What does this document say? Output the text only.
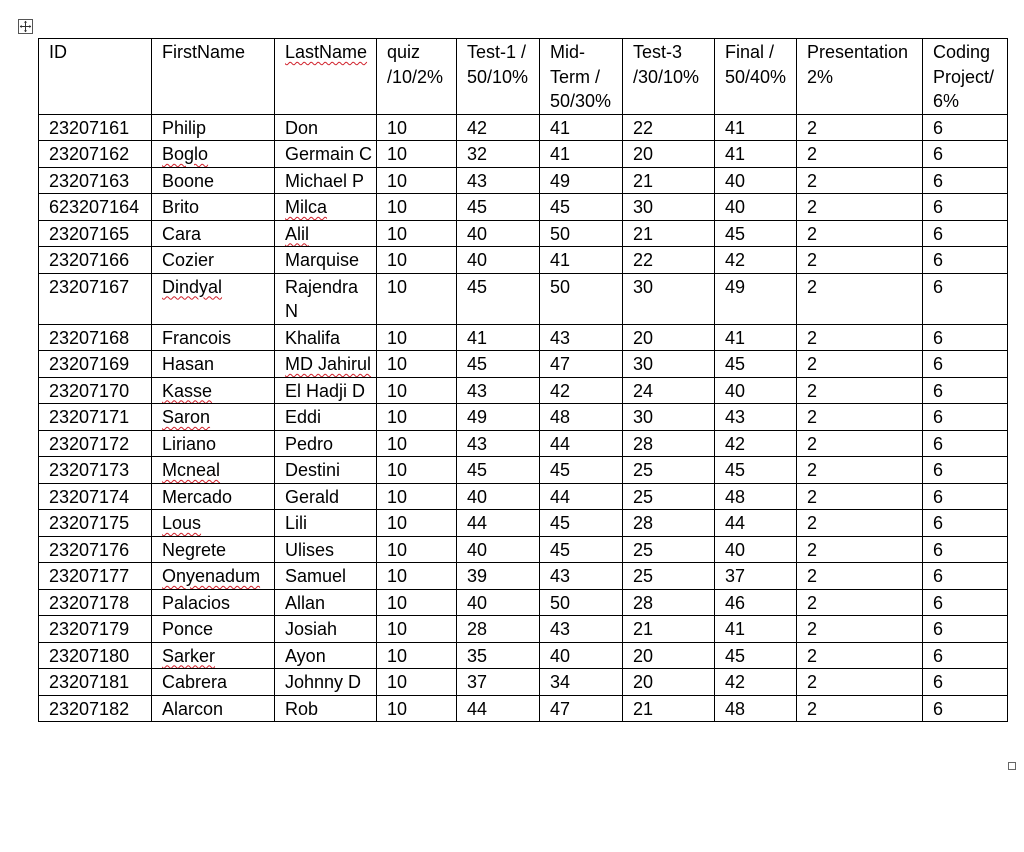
ID	FirstName	LastName	quiz /10/2%	Test-1 / 50/10%	Mid-Term / 50/30%	Test-3 /30/10%	Final / 50/40%	Presentation 2%	Coding Project/ 6%
23207161	Philip	Don	10	42	41	22	41	2	6
23207162	Boglo	Germain C	10	32	41	20	41	2	6
23207163	Boone	Michael P	10	43	49	21	40	2	6
623207164	Brito	Milca	10	45	45	30	40	2	6
23207165	Cara	Alil	10	40	50	21	45	2	6
23207166	Cozier	Marquise	10	40	41	22	42	2	6
23207167	Dindyal	Rajendra N	10	45	50	30	49	2	6
23207168	Francois	Khalifa	10	41	43	20	41	2	6
23207169	Hasan	MD Jahirul	10	45	47	30	45	2	6
23207170	Kasse	El Hadji D	10	43	42	24	40	2	6
23207171	Saron	Eddi	10	49	48	30	43	2	6
23207172	Liriano	Pedro	10	43	44	28	42	2	6
23207173	Mcneal	Destini	10	45	45	25	45	2	6
23207174	Mercado	Gerald	10	40	44	25	48	2	6
23207175	Lous	Lili	10	44	45	28	44	2	6
23207176	Negrete	Ulises	10	40	45	25	40	2	6
23207177	Onyenadum	Samuel	10	39	43	25	37	2	6
23207178	Palacios	Allan	10	40	50	28	46	2	6
23207179	Ponce	Josiah	10	28	43	21	41	2	6
23207180	Sarker	Ayon	10	35	40	20	45	2	6
23207181	Cabrera	Johnny D	10	37	34	20	42	2	6
23207182	Alarcon	Rob	10	44	47	21	48	2	6
